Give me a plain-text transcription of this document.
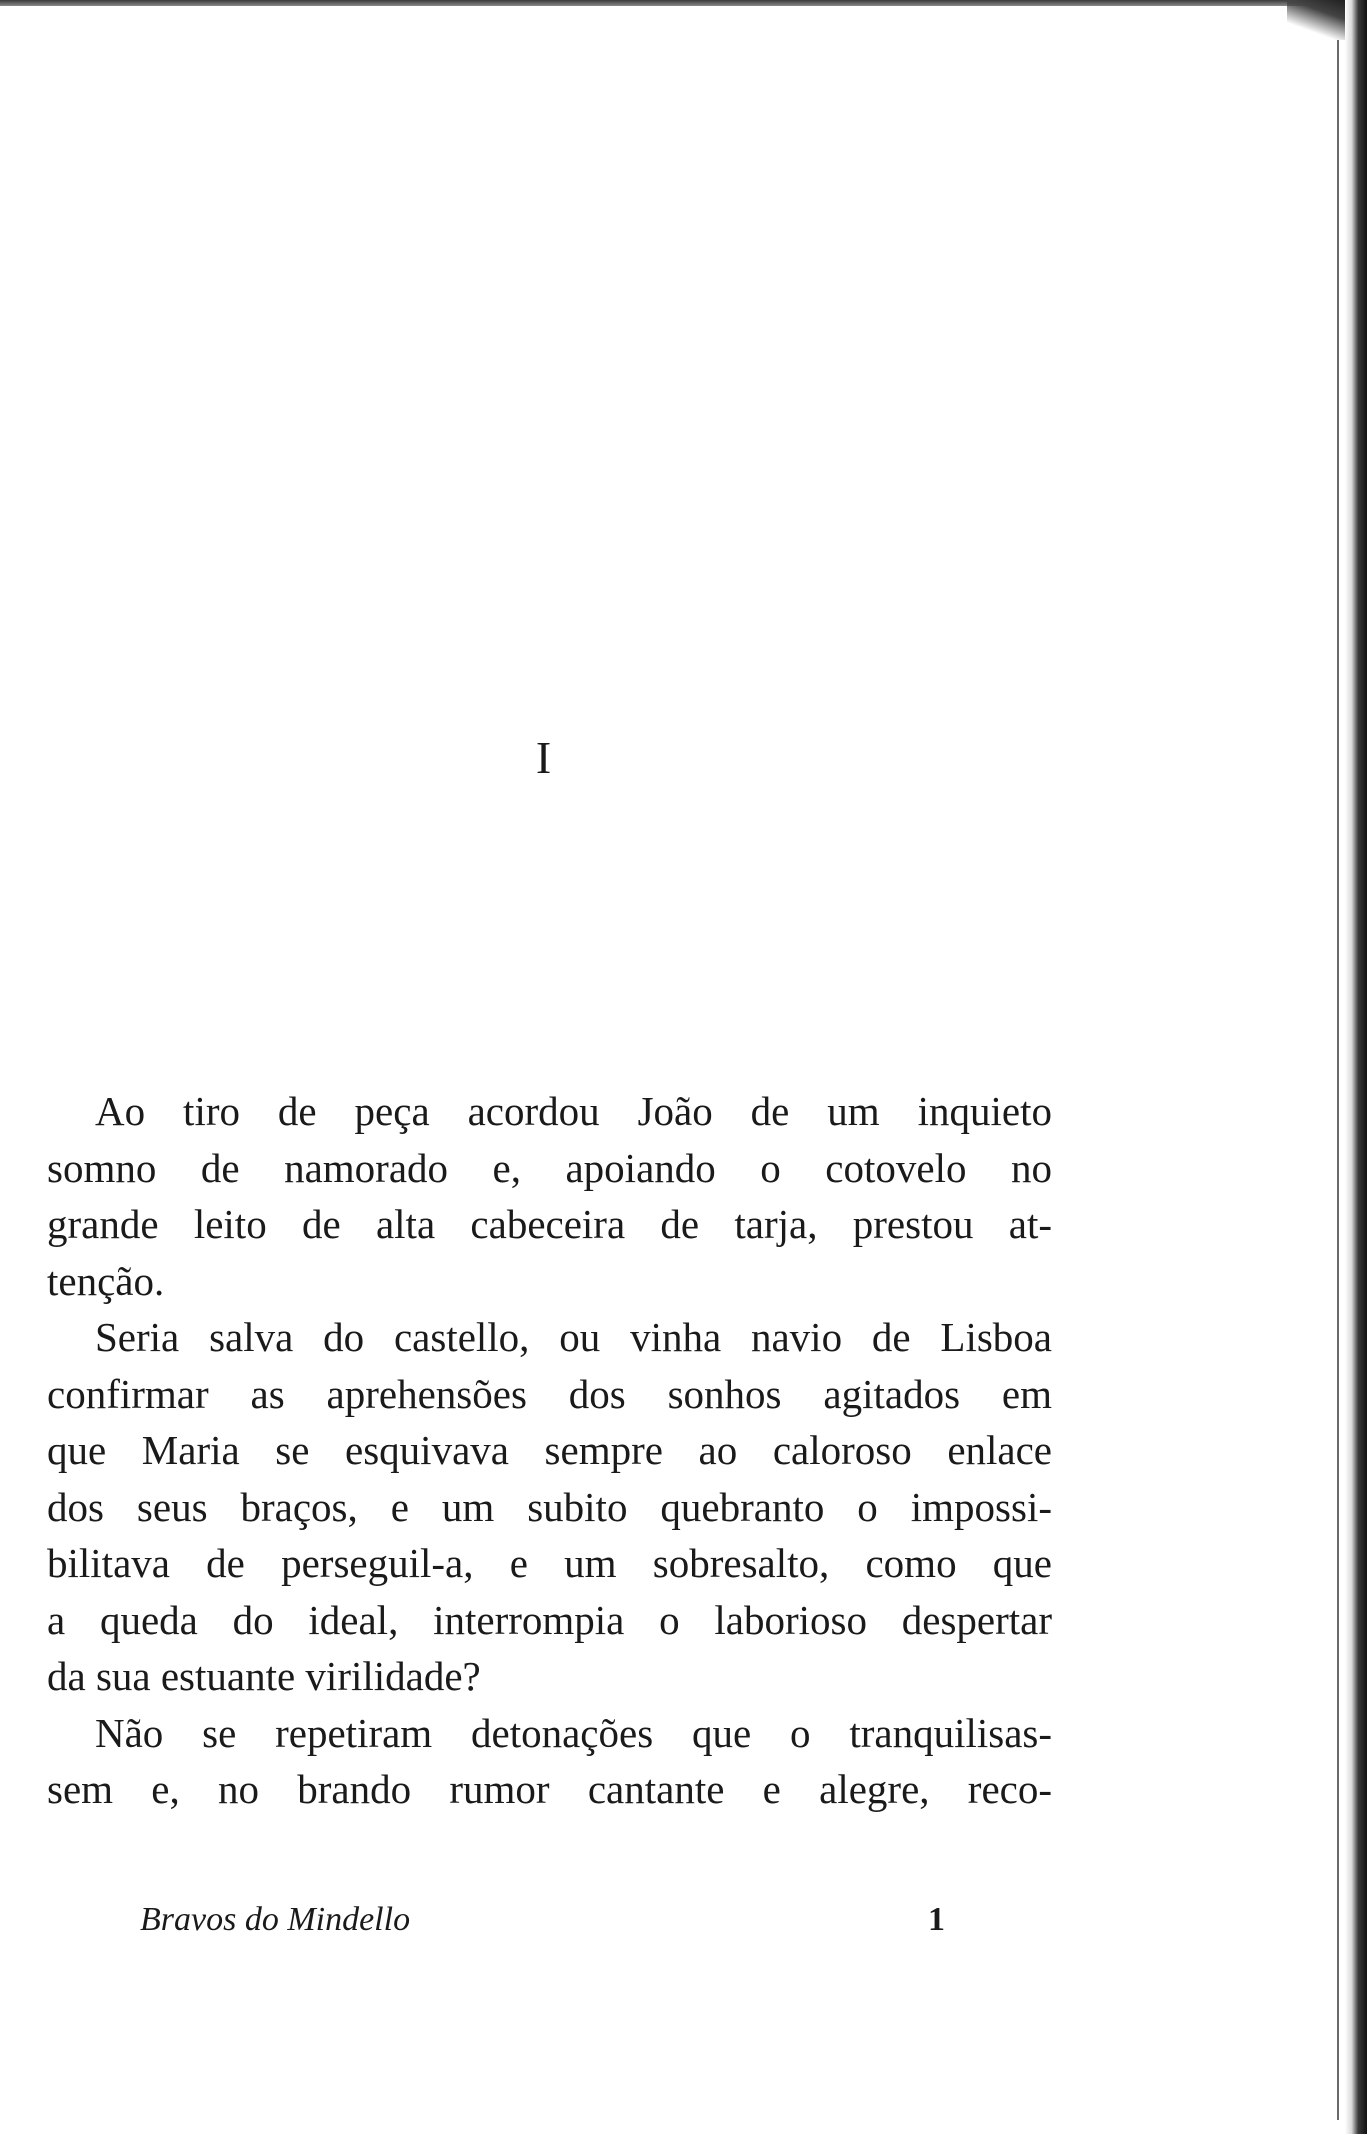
I
Ao tiro de peça acordou João de um inquieto
somno de namorado e, apoiando o cotovelo no
grande leito de alta cabeceira de tarja, prestou at-
tenção.
Seria salva do castello, ou vinha navio de Lisboa
confirmar as aprehensões dos sonhos agitados em
que Maria se esquivava sempre ao caloroso enlace
dos seus braços, e um subito quebranto o impossi-
bilitava de perseguil-a, e um sobresalto, como que
a queda do ideal, interrompia o laborioso despertar
da sua estuante virilidade?
Não se repetiram detonações que o tranquilisas-
sem e, no brando rumor cantante e alegre, reco-
Bravos do Mindello	1
